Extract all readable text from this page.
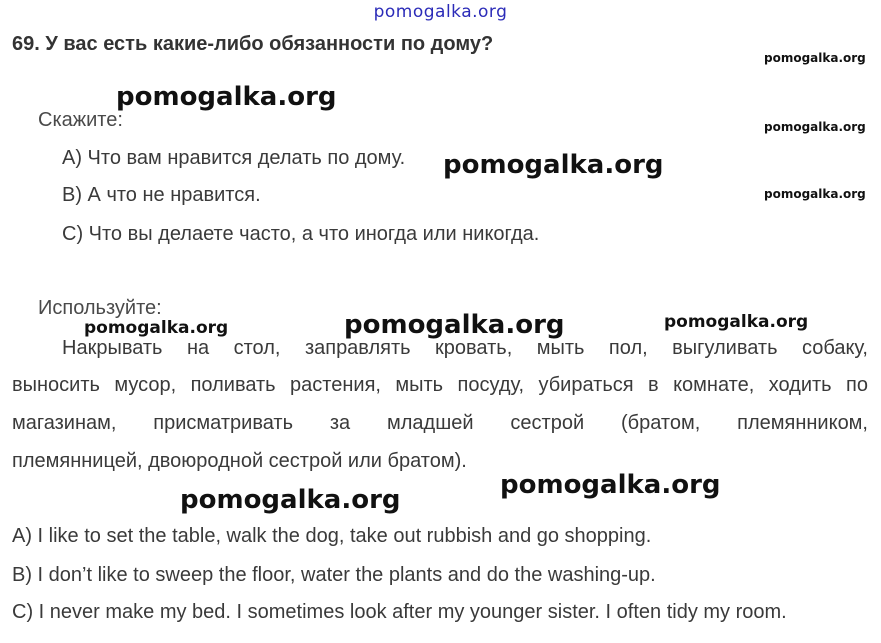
pomogalka.org
69. У вас есть какие-либо обязанности по дому?
Скажите:
A) Что вам нравится делать по дому.
B) А что не нравится.
C) Что вы делаете часто, а что иногда или никогда.
Используйте:
Накрывать на стол, заправлять кровать, мыть пол, выгуливать собаку,
выносить мусор, поливать растения, мыть посуду, убираться в комнате, ходить по
магазинам, присматривать за младшей сестрой (братом, племянником,
племянницей, двоюродной сестрой или братом).
A) I like to set the table, walk the dog, take out rubbish and go shopping.
B) I don’t like to sweep the floor, water the plants and do the washing-up.
C) I never make my bed. I sometimes look after my younger sister. I often tidy my room.
pomogalka.org
pomogalka.org
pomogalka.org
pomogalka.org
pomogalka.org
pomogalka.org	pomogalka.org	pomogalka.org
pomogalka.org	pomogalka.org
